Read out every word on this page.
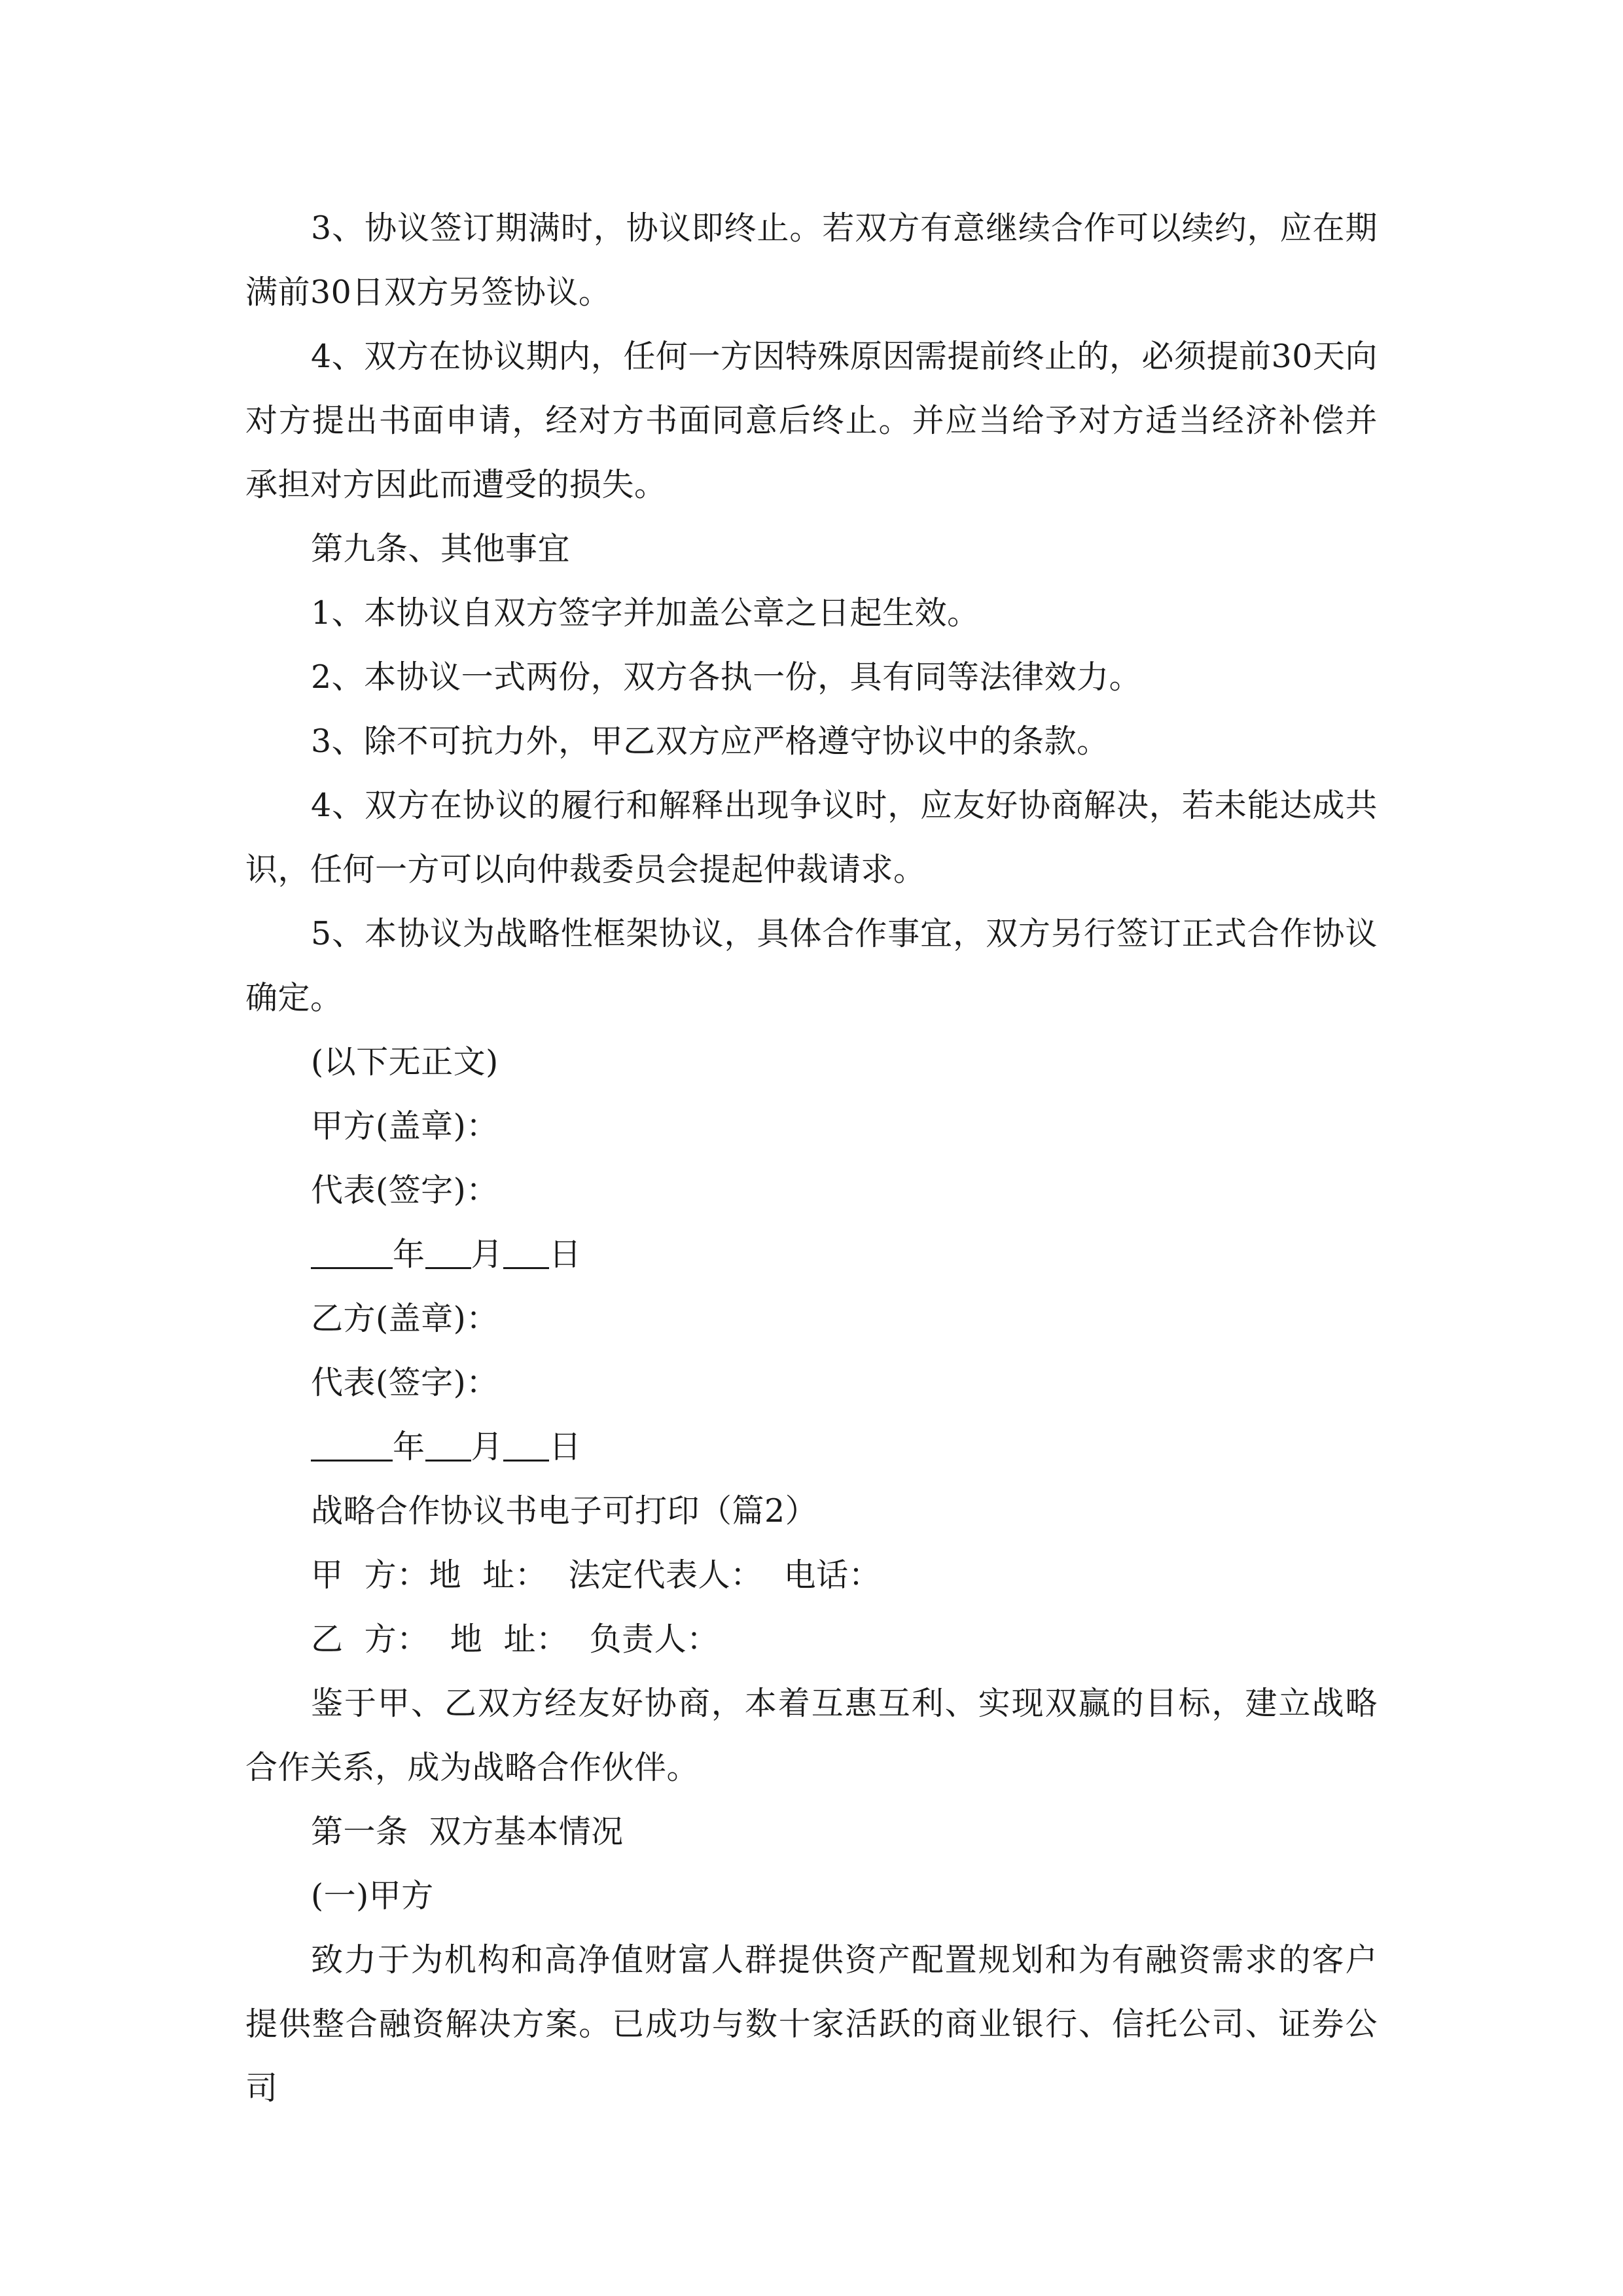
3、协议签订期满时，协议即终止。若双方有意继续合作可以续约，应在期满前30日双方另签协议。

4、双方在协议期内，任何一方因特殊原因需提前终止的，必须提前30天向对方提出书面申请，经对方书面同意后终止。并应当给予对方适当经济补偿并承担对方因此而遭受的损失。

第九条、其他事宜

1、本协议自双方签字并加盖公章之日起生效。

2、本协议一式两份，双方各执一份，具有同等法律效力。

3、除不可抗力外，甲乙双方应严格遵守协议中的条款。

4、双方在协议的履行和解释出现争议时，应友好协商解决，若未能达成共识，任何一方可以向仲裁委员会提起仲裁请求。

5、本协议为战略性框架协议，具体合作事宜，双方另行签订正式合作协议确定。

(以下无正文)

甲方(盖章)：

代表(签字)：

年 月 日

乙方(盖章)：

代表(签字)：

年 月 日

战略合作协议书电子可打印（篇2）

甲  方：地  址：  法定代表人：  电话：

乙  方：  地  址：  负责人：

鉴于甲、乙双方经友好协商，本着互惠互利、实现双赢的目标，建立战略合作关系，成为战略合作伙伴。

第一条  双方基本情况

(一)甲方

致力于为机构和高净值财富人群提供资产配置规划和为有融资需求的客户提供整合融资解决方案。已成功与数十家活跃的商业银行、信托公司、证券公司
